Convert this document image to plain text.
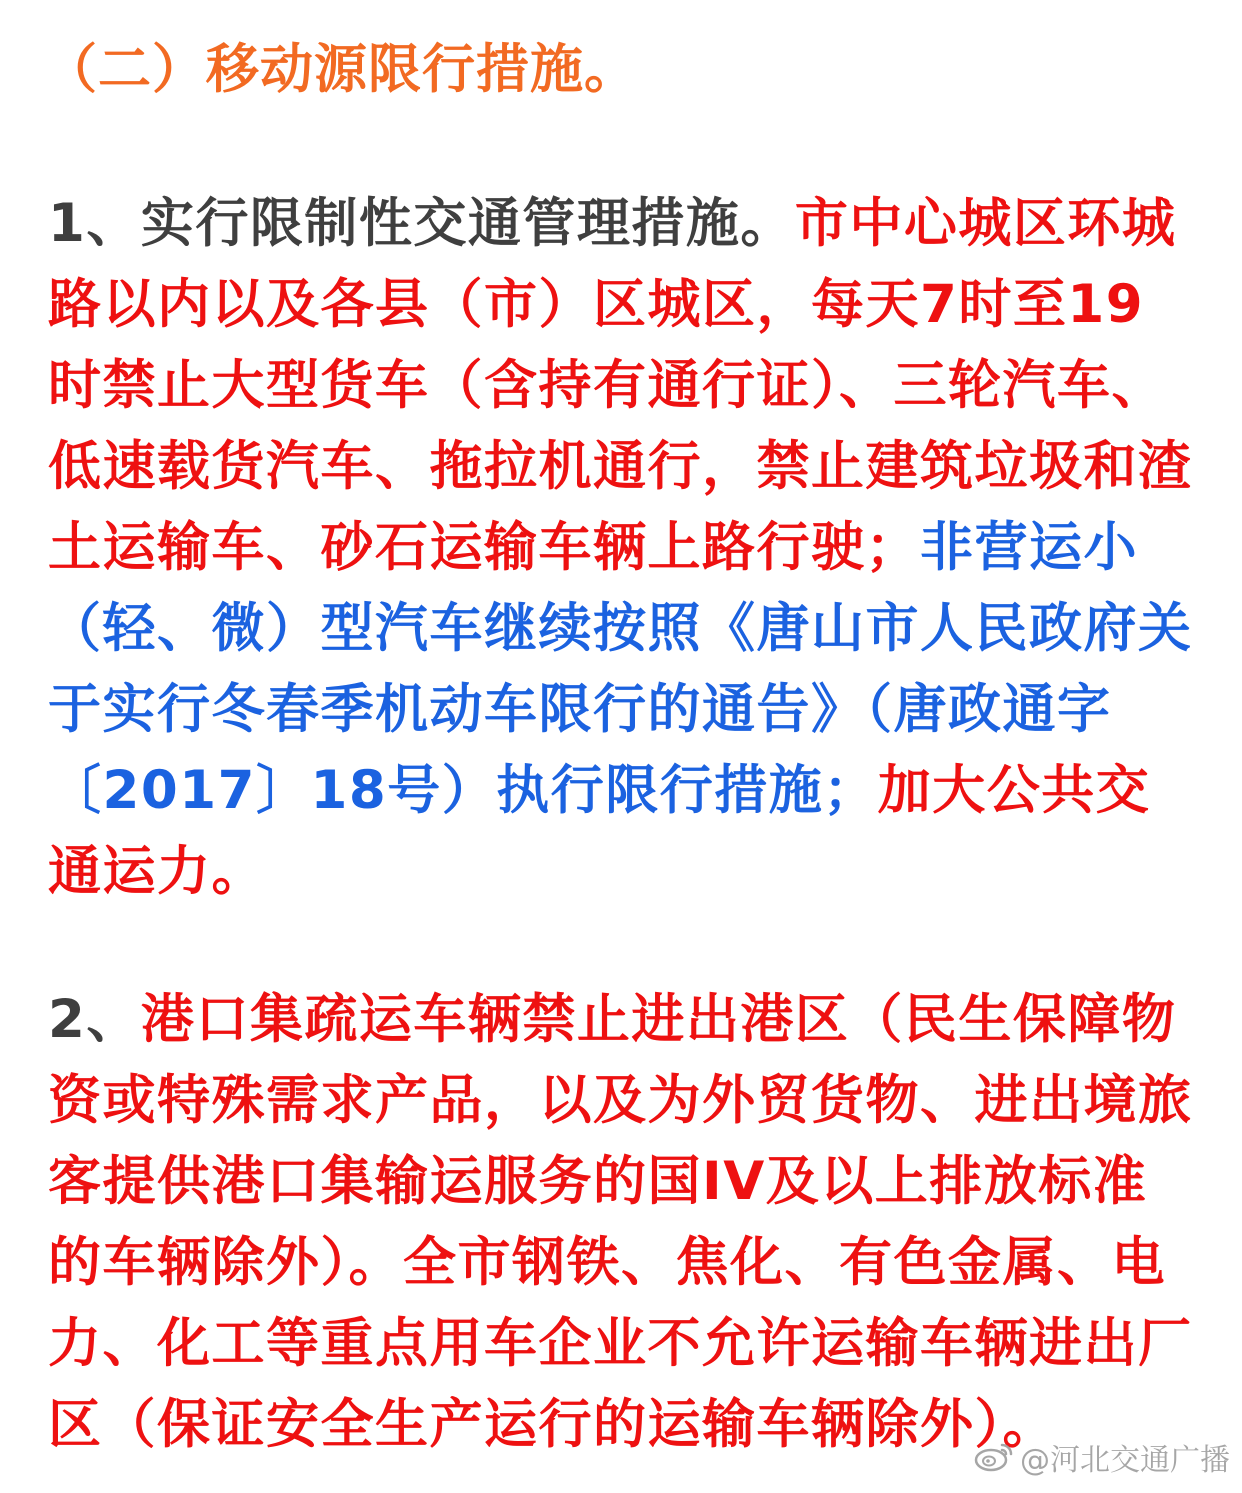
（二）移动源限行措施。
1、实行限制性交通管理措施。市中心城区环城路以内以及各县（市）区城区，每天7时至19时禁止大型货车（含持有通行证）、三轮汽车、低速载货汽车、拖拉机通行，禁止建筑垃圾和渣土运输车、砂石运输车辆上路行驶；非营运小（轻、微）型汽车继续按照《唐山市人民政府关于实行冬春季机动车限行的通告》（唐政通字〔2017〕18号）执行限行措施；加大公共交通运力。
2、港口集疏运车辆禁止进出港区（民生保障物资或特殊需求产品，以及为外贸货物、进出境旅客提供港口集输运服务的国IV及以上排放标准的车辆除外）。全市钢铁、焦化、有色金属、电力、化工等重点用车企业不允许运输车辆进出厂区（保证安全生产运行的运输车辆除外）。
@河北交通广播
